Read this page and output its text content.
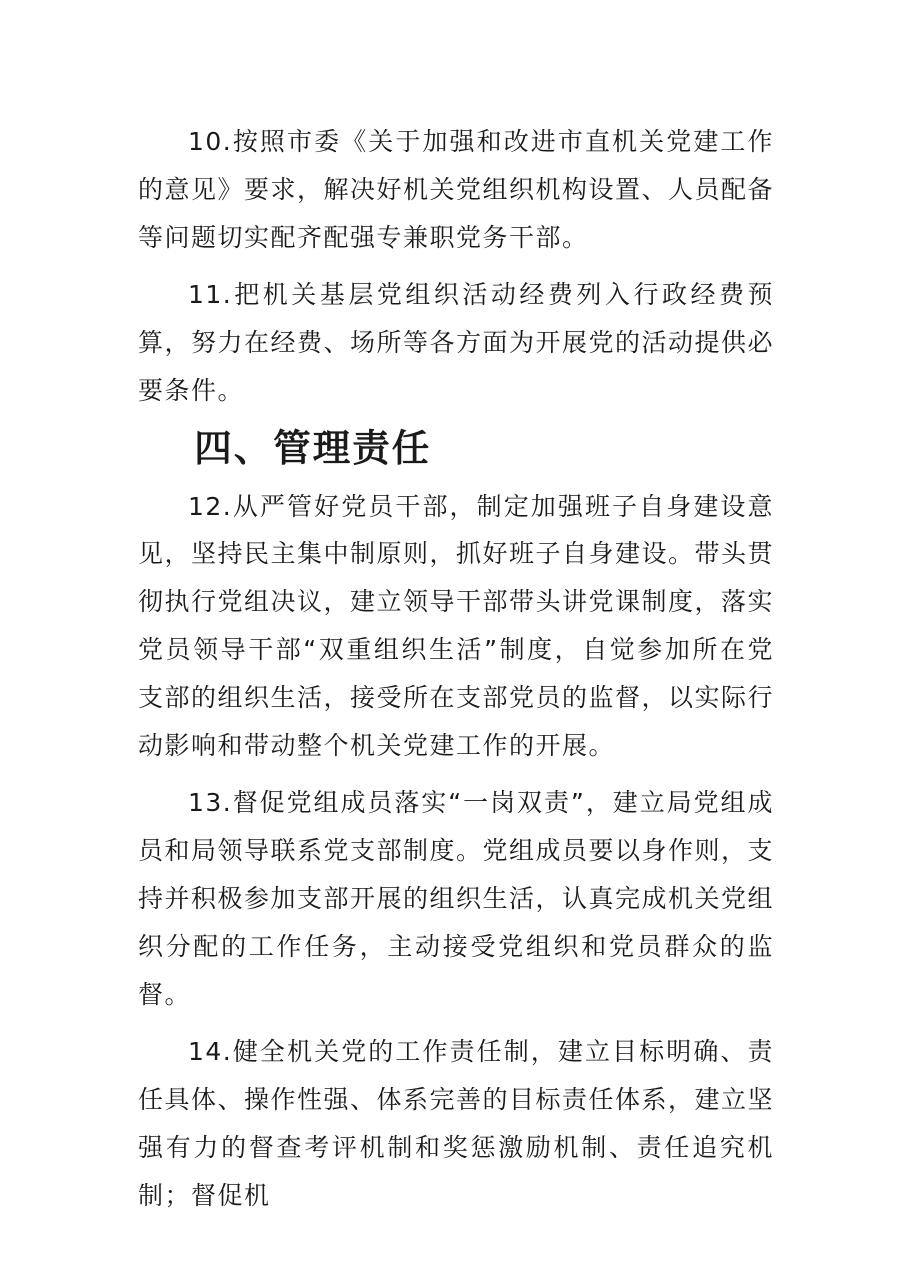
10.按照市委《关于加强和改进市直机关党建工作的意见》要求，解决好机关党组织机构设置、人员配备等问题切实配齐配强专兼职党务干部。

11.把机关基层党组织活动经费列入行政经费预算，努力在经费、场所等各方面为开展党的活动提供必要条件。

四、管理责任

12.从严管好党员干部，制定加强班子自身建设意见，坚持民主集中制原则，抓好班子自身建设。带头贯彻执行党组决议，建立领导干部带头讲党课制度，落实党员领导干部“双重组织生活”制度，自觉参加所在党支部的组织生活，接受所在支部党员的监督，以实际行动影响和带动整个机关党建工作的开展。

13.督促党组成员落实“一岗双责”，建立局党组成员和局领导联系党支部制度。党组成员要以身作则，支持并积极参加支部开展的组织生活，认真完成机关党组织分配的工作任务，主动接受党组织和党员群众的监督。

14.健全机关党的工作责任制，建立目标明确、责任具体、操作性强、体系完善的目标责任体系，建立坚强有力的督查考评机制和奖惩激励机制、责任追究机制；督促机
